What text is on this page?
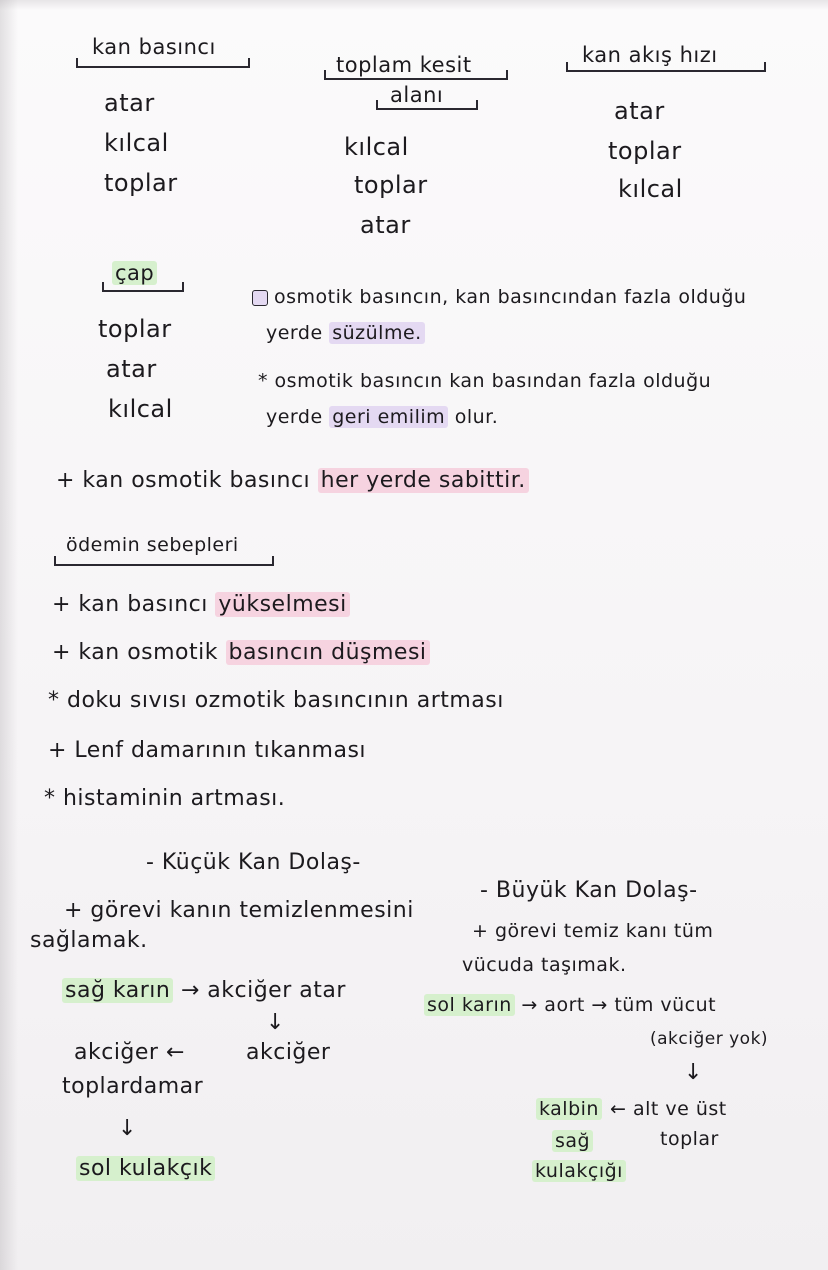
kan basıncı
atar
kılcal
toplar
toplam kesit
alanı
kılcal
toplar
atar
kan akış hızı
atar
toplar
kılcal
çap
toplar
atar
kılcal
osmotik basıncın, kan basıncından fazla olduğu
yerde süzülme.
* osmotik basıncın kan basından fazla olduğu
yerde geri emilim olur.
+ kan osmotik basıncı her yerde sabittir.
ödemin sebepleri
+ kan basıncı yükselmesi
+ kan osmotik basıncın düşmesi
* doku sıvısı ozmotik basıncının artması
+ Lenf damarının tıkanması
* histaminin artması.
- Küçük Kan Dolaş-
+ görevi kanın temizlenmesini
sağlamak.
sağ karın → akciğer atar
↓
akciğer
akciğer ←
toplardamar
↓
sol kulakçık
- Büyük Kan Dolaş-
+ görevi temiz kanı tüm
vücuda taşımak.
sol karın → aort → tüm vücut
(akciğer yok)
↓
← alt ve üst
toplar
kalbin
sağ
kulakçığı
